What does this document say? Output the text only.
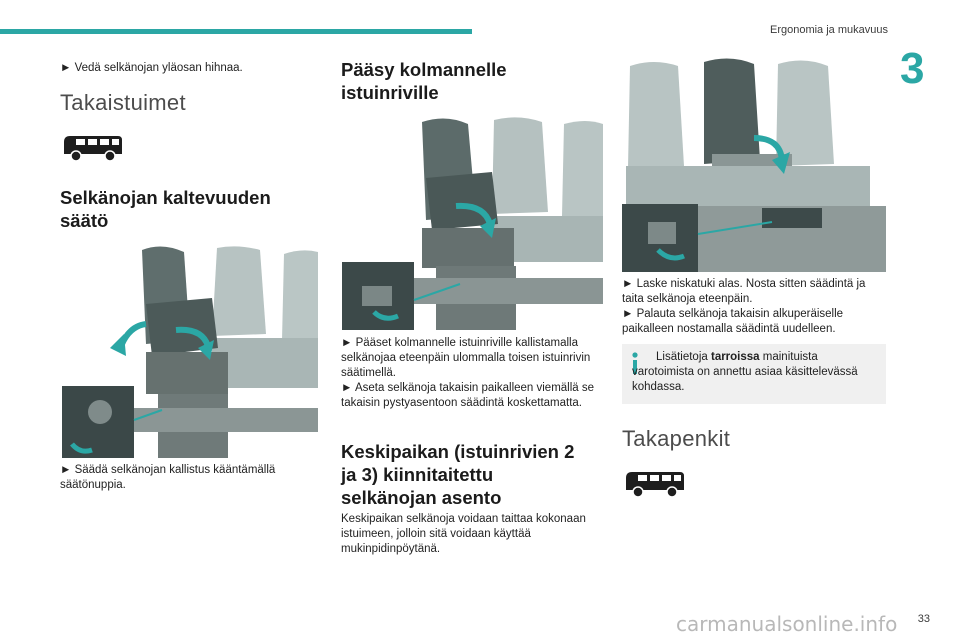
Ergonomia ja mukavuus
3
► Vedä selkänojan yläosan hihnaa.
Takaistuimet
Selkänojan kaltevuuden säätö
► Säädä selkänojan kallistus kääntämällä säätönuppia.
Pääsy kolmannelle istuinriville
► Pääset kolmannelle istuinriville kallistamalla selkänojaa eteenpäin ulommalla toisen istuinrivin säätimellä.
► Aseta selkänoja takaisin paikalleen viemällä se takaisin pystyasentoon säädintä koskettamatta.
Keskipaikan (istuinrivien 2 ja 3) kiinnitaitettu selkänojan asento
Keskipaikan selkänoja voidaan taittaa kokonaan istuimeen, jolloin sitä voidaan käyttää mukinpidinpöytänä.
► Laske niskatuki alas. Nosta sitten säädintä ja taita selkänoja eteenpäin.
► Palauta selkänoja takaisin alkuperäiselle paikalleen nostamalla säädintä uudelleen.
Lisätietoja tarroissa mainituista varotoimista on annettu asiaa käsittelevässä kohdassa.
Takapenkit
carmanualsonline.info 33
